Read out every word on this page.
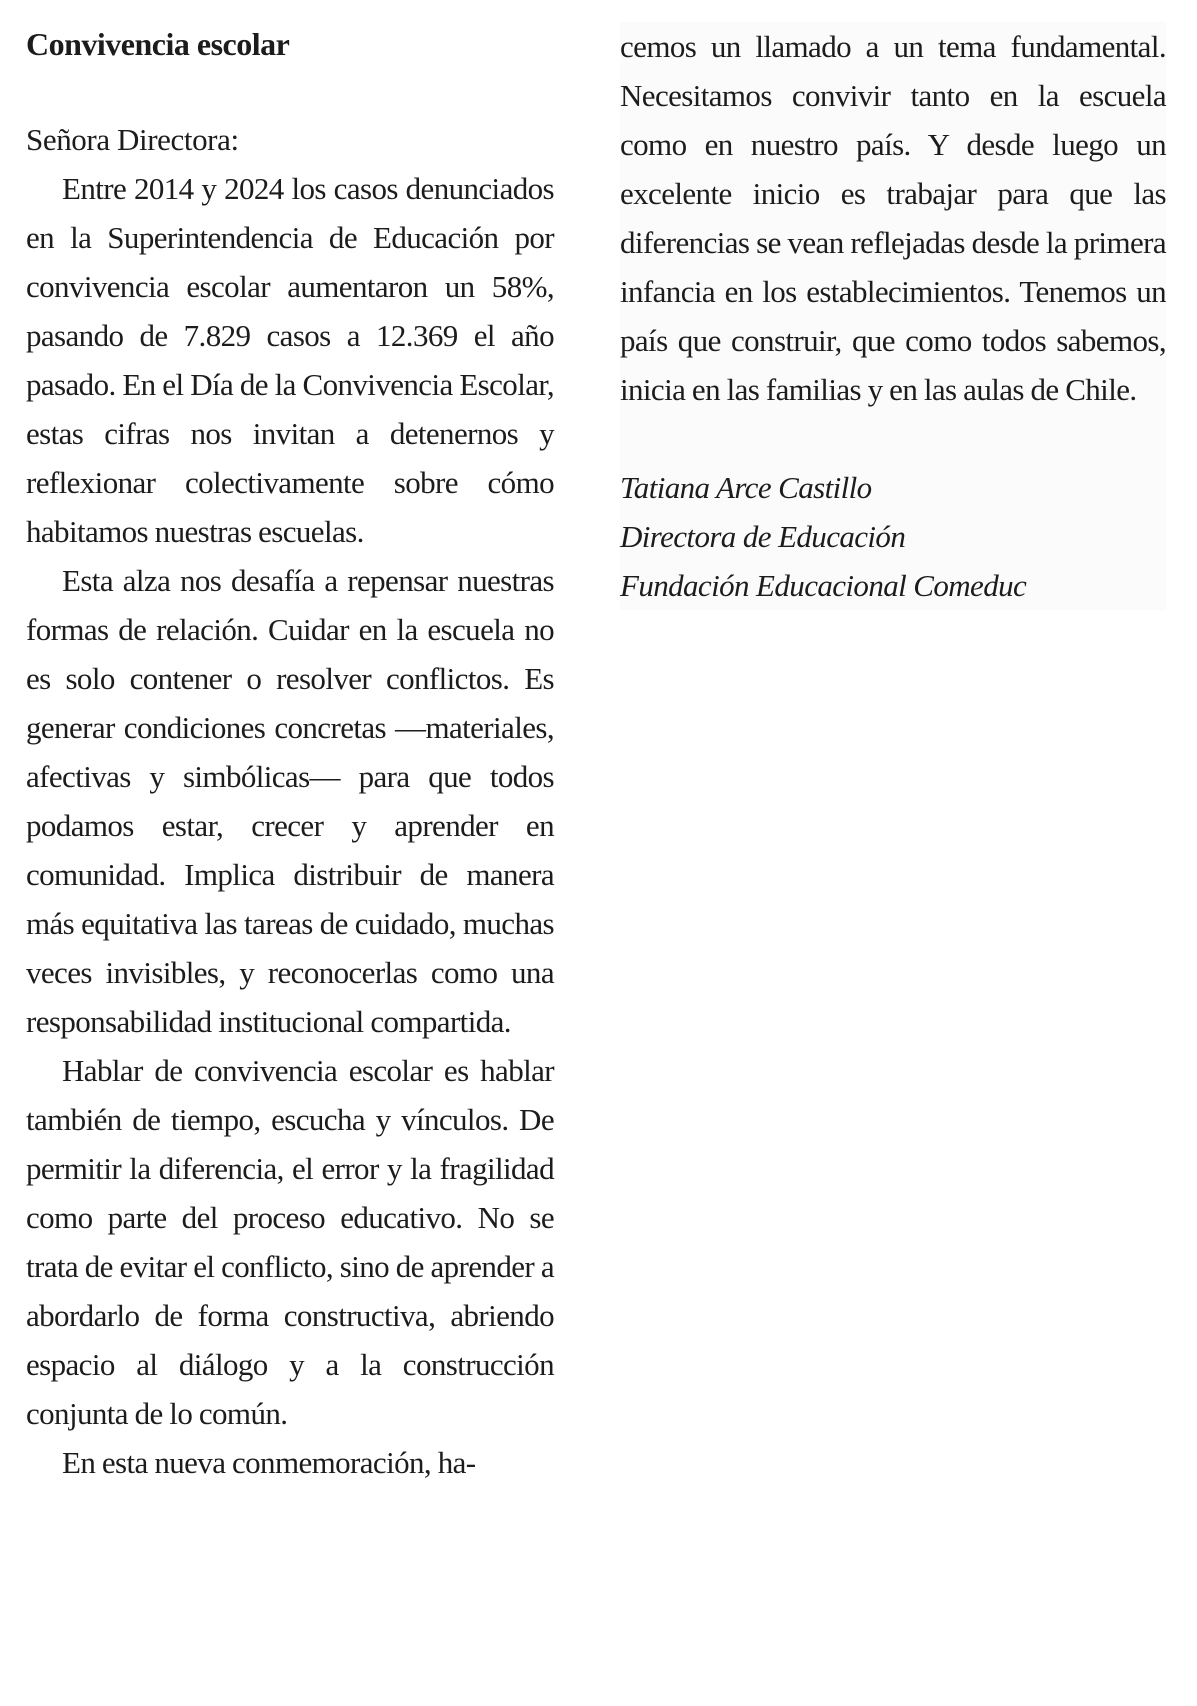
Convivencia escolar
Señora Directora:

Entre 2014 y 2024 los casos denunciados en la Superintendencia de Educación por convivencia escolar aumentaron un 58%, pasando de 7.829 casos a 12.369 el año pasado. En el Día de la Convivencia Escolar, estas cifras nos invitan a detenernos y reflexionar colectivamente sobre cómo habitamos nuestras escuelas.

Esta alza nos desafía a repensar nuestras formas de relación. Cuidar en la escuela no es solo contener o resolver conflictos. Es generar condiciones concretas —materiales, afectivas y simbólicas— para que todos podamos estar, crecer y aprender en comunidad. Implica distribuir de manera más equitativa las tareas de cuidado, muchas veces invisibles, y reconocerlas como una responsabilidad institucional compartida.

Hablar de convivencia escolar es hablar también de tiempo, escucha y vínculos. De permitir la diferencia, el error y la fragilidad como parte del proceso educativo. No se trata de evitar el conflicto, sino de aprender a abordarlo de forma constructiva, abriendo espacio al diálogo y a la construcción conjunta de lo común.

En esta nueva conmemoración, ha-

cemos un llamado a un tema fundamental. Necesitamos convivir tanto en la escuela como en nuestro país. Y desde luego un excelente inicio es trabajar para que las diferencias se vean reflejadas desde la primera infancia en los establecimientos. Tenemos un país que construir, que como todos sabemos, inicia en las familias y en las aulas de Chile.

Tatiana Arce Castillo
Directora de Educación
Fundación Educacional Comeduc
